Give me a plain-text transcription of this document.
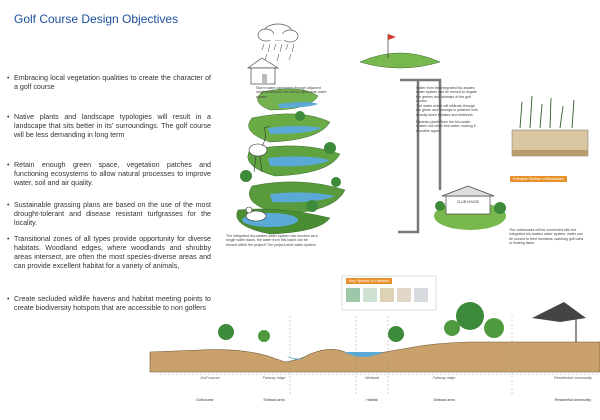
Golf Course Design Objectives
• Embracing local vegetation qualities to create the character of a golf course
• Native plants and landscape typologies will result in a landscape that sits better in its' surroundings. The golf course will be less demanding in long term
• Retain enough green space, vegetation patches and functioning ecosystems to allow natural processes to improve water, soil and air quality.
• Sustainable grassing plans are based on the use of the most drought-tolerant and disease resistant turfgrasses for the locality.
• Transitional zones of all types provide opportunity for diverse habitats. Woodland edges, where woodlands and shrubby areas intersect, are often the most species-diverse areas and can provide excellent habitat for a variety of animals,
• Create secluded wildlife havens and habitat meeting points to create biodiversity hotspots that are accessible to non golfers
Storm water catchment through adjacent neighbourhoods can feed project-wide water system
Water from the integrated bio-swales water system can be reused to irrigate the greens and fairways of the golf course.
The water which will infiltrate through the green and fairways is polished with heavily-sized intrakes and fertilizers.
Riparian plants from the bio-swale system will clean this water, making it reusable again.
The integrated bio-swales water system can function as a single water basin, the water from this basin can be reused within the project! The project-wide water system
The clubhouses will be connected with the integrated bio-swales water system, water can be reused to feed fountains, washing golf carts or floating lakes.
Principle Section of Bioswales
Key Species in Habitats
CLUB HOUSE
Golf course	Fairway edge	Wetland	Fairway edge	Residential community
Golfcourse	Setback area	Habitat	Setback area	Residential community
